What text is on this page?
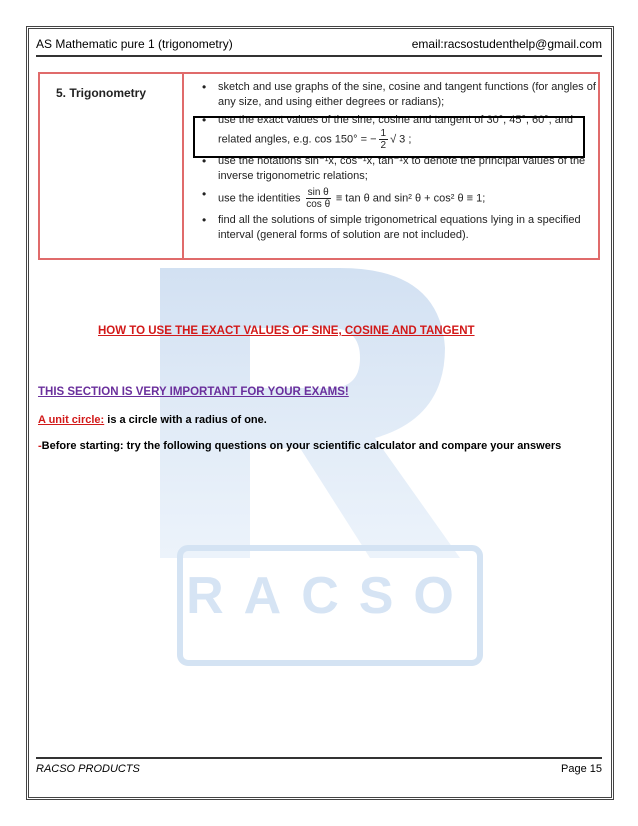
AS Mathematic pure 1 (trigonometry)	email:racsostudenthelp@gmail.com
5. Trigonometry
•	sketch and use graphs of the sine, cosine and tangent functions (for angles of any size, and using either degrees or radians);
• use the exact values of the sine, cosine and tangent of 30°, 45°, 60°, and related angles, e.g. cos 150° = − $\frac{1}{2}$ √ 3 ;
• use the notations sin⁻¹x, cos⁻¹x, tan⁻¹x to denote the principal values of the inverse trigonometric relations;
• use the identities $\frac{\text{sin θ}}{\text{cos θ}} \equiv \tan \theta$ and sin² θ + cos² θ ≡ 1;
• find all the solutions of simple trigonometrical equations lying in a specified interval (general forms of solution are not included).
RACSO
HOW TO USE THE EXACT VALUES OF SINE, COSINE AND TANGENT
THIS SECTION IS VERY IMPORTANT FOR YOUR EXAMS!
A unit circle: is a circle with a radius of one.
-Before starting: try the following questions on your scientific calculator and compare your answers
RACSO PRODUCTS	Page 15
